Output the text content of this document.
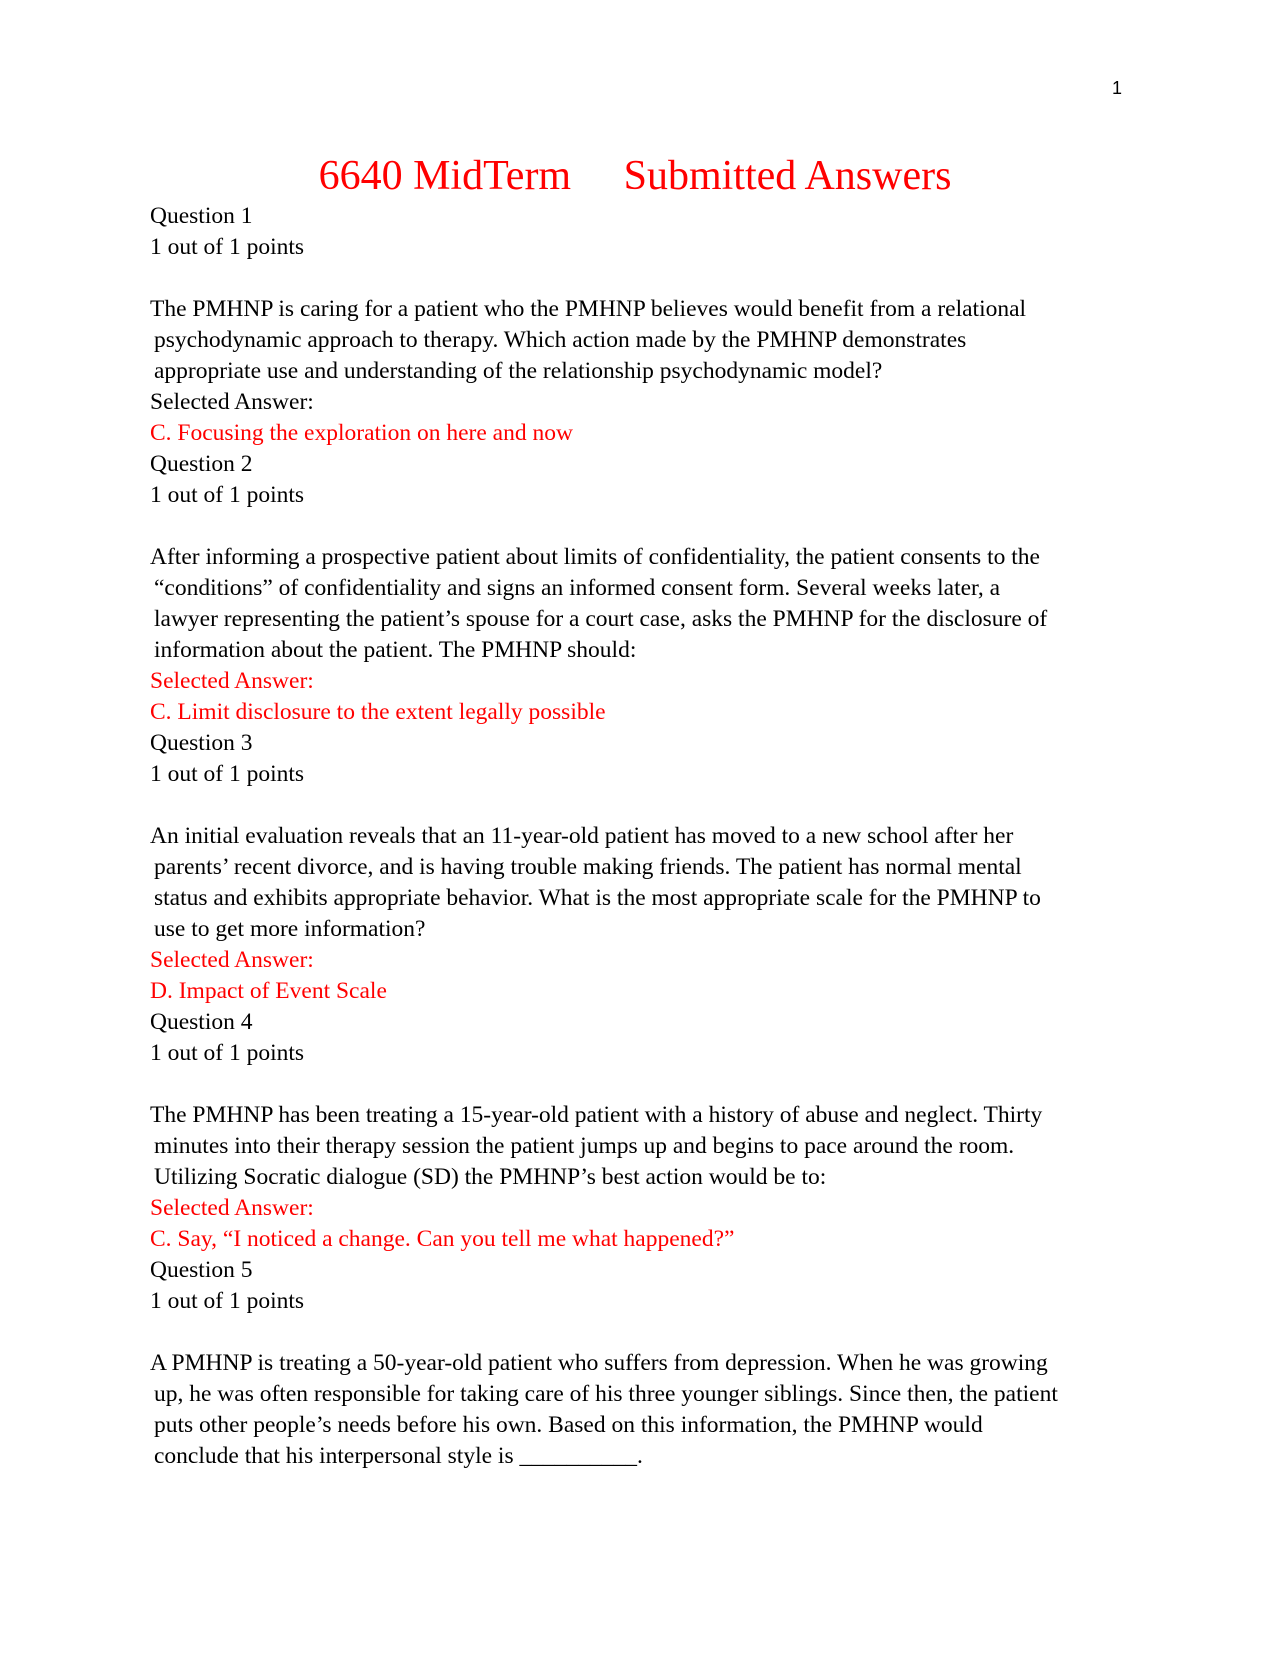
1
6640 MidTerm     Submitted Answers
Question 1
1 out of 1 points
The PMHNP is caring for a patient who the PMHNP believes would benefit from a relational
psychodynamic approach to therapy. Which action made by the PMHNP demonstrates
appropriate use and understanding of the relationship psychodynamic model?
Selected Answer:
C. Focusing the exploration on here and now
Question 2
1 out of 1 points
After informing a prospective patient about limits of confidentiality, the patient consents to the
“conditions” of confidentiality and signs an informed consent form. Several weeks later, a
lawyer representing the patient’s spouse for a court case, asks the PMHNP for the disclosure of
information about the patient. The PMHNP should:
Selected Answer:
C. Limit disclosure to the extent legally possible
Question 3
1 out of 1 points
An initial evaluation reveals that an 11-year-old patient has moved to a new school after her
parents’ recent divorce, and is having trouble making friends. The patient has normal mental
status and exhibits appropriate behavior. What is the most appropriate scale for the PMHNP to
use to get more information?
Selected Answer:
D. Impact of Event Scale
Question 4
1 out of 1 points
The PMHNP has been treating a 15-year-old patient with a history of abuse and neglect. Thirty
minutes into their therapy session the patient jumps up and begins to pace around the room.
Utilizing Socratic dialogue (SD) the PMHNP’s best action would be to:
Selected Answer:
C. Say, “I noticed a change. Can you tell me what happened?”
Question 5
1 out of 1 points
A PMHNP is treating a 50-year-old patient who suffers from depression. When he was growing
up, he was often responsible for taking care of his three younger siblings. Since then, the patient
puts other people’s needs before his own. Based on this information, the PMHNP would
conclude that his interpersonal style is __________.
